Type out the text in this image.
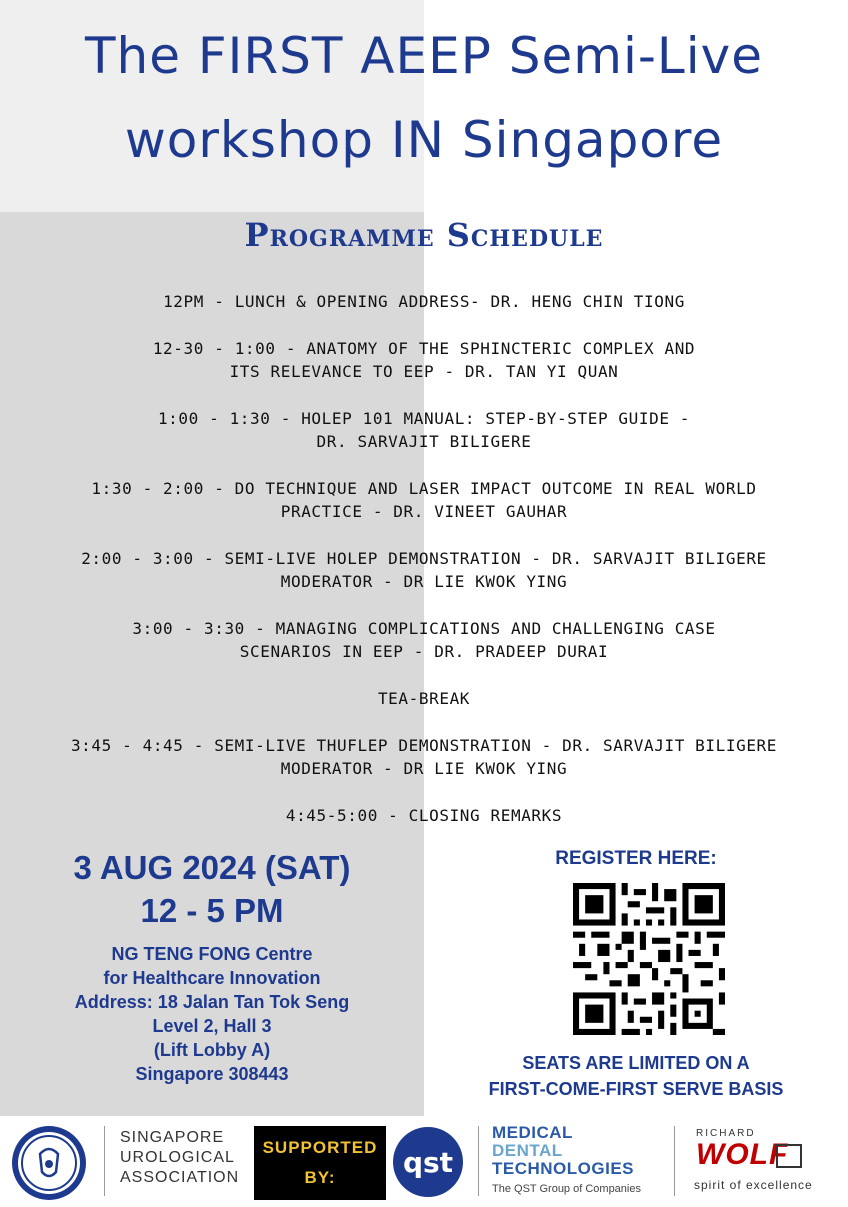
The FIRST AEEP Semi-Live
workshop IN Singapore
Programme Schedule
12PM - LUNCH & OPENING ADDRESS- DR. HENG CHIN TIONG
12-30 - 1:00 - ANATOMY OF THE SPHINCTERIC COMPLEX AND
ITS RELEVANCE TO EEP - DR. TAN YI QUAN
1:00 - 1:30 - HOLEP 101 MANUAL: STEP-BY-STEP GUIDE -
DR. SARVAJIT BILIGERE
1:30 - 2:00 - DO TECHNIQUE AND LASER IMPACT OUTCOME IN REAL WORLD
PRACTICE - DR. VINEET GAUHAR
2:00 - 3:00 - SEMI-LIVE HOLEP DEMONSTRATION - DR. SARVAJIT BILIGERE
MODERATOR - DR LIE KWOK YING
3:00 - 3:30 - MANAGING COMPLICATIONS AND CHALLENGING CASE
SCENARIOS IN EEP - DR. PRADEEP DURAI
TEA-BREAK
3:45 - 4:45 - SEMI-LIVE THUFLEP DEMONSTRATION - DR. SARVAJIT BILIGERE
MODERATOR - DR LIE KWOK YING
4:45-5:00 - CLOSING REMARKS
3 AUG 2024 (SAT)
12 - 5 PM
NG TENG FONG Centre
for Healthcare Innovation
Address: 18 Jalan Tan Tok Seng
Level 2, Hall 3
(Lift Lobby A)
Singapore 308443
REGISTER HERE:
SEATS ARE LIMITED ON A
FIRST-COME-FIRST SERVE BASIS
SINGAPORE
UROLOGICAL
ASSOCIATION
SUPPORTED
BY:	qst
MEDICAL
DENTAL
TECHNOLOGIES
The QST Group of Companies
RICHARD
WOLF
spirit of excellence
